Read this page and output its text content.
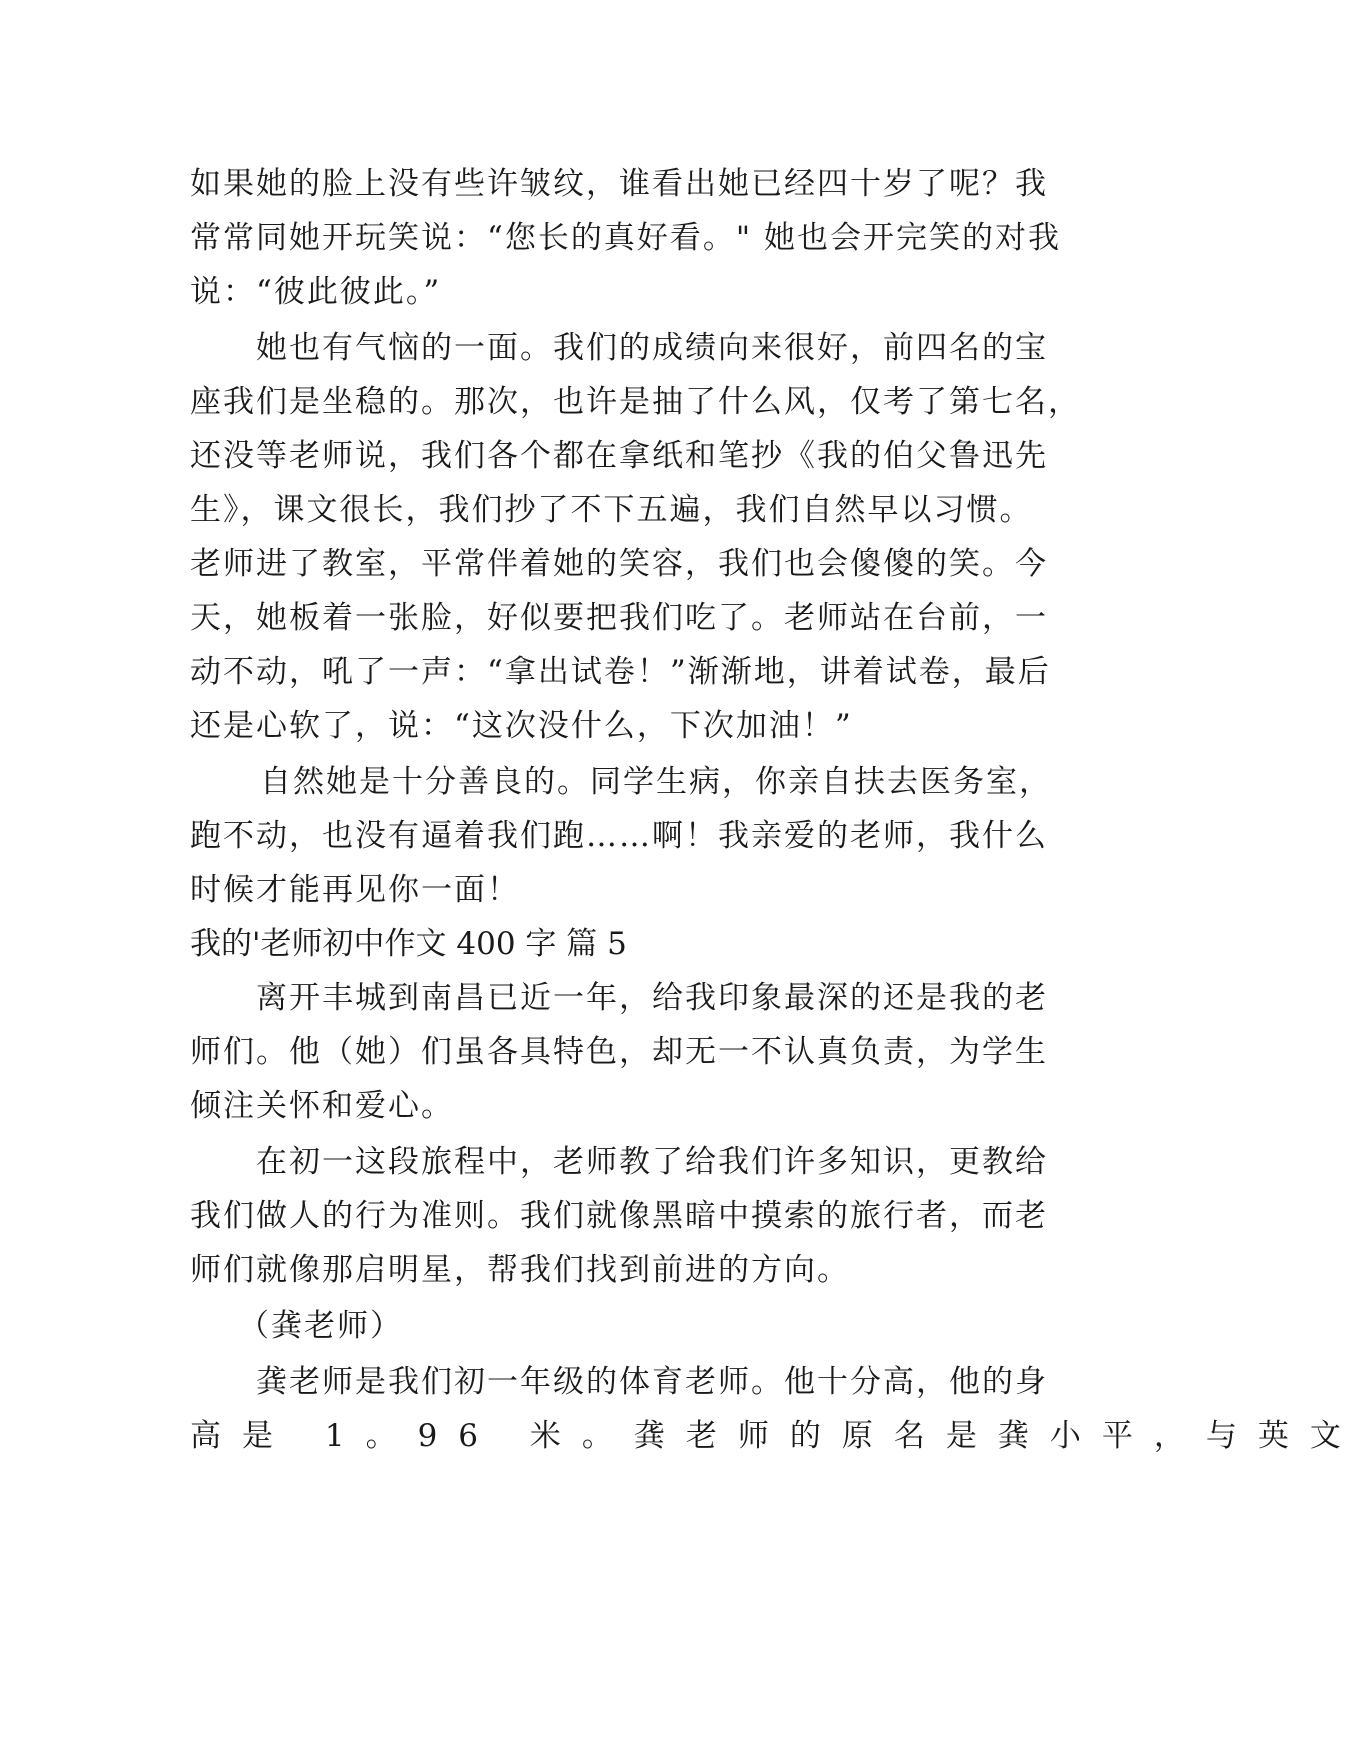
如果她的脸上没有些许皱纹，谁看出她已经四十岁了呢？我
常常同她开玩笑说：“您长的真好看。" 她也会开完笑的对我
说：“彼此彼此。”
她也有气恼的一面。我们的成绩向来很好，前四名的宝
座我们是坐稳的。那次，也许是抽了什么风，仅考了第七名，
还没等老师说，我们各个都在拿纸和笔抄《我的伯父鲁迅先
生》，课文很长，我们抄了不下五遍，我们自然早以习惯。
老师进了教室，平常伴着她的笑容，我们也会傻傻的笑。今
天，她板着一张脸，好似要把我们吃了。老师站在台前，一
动不动，吼了一声：“拿出试卷！”渐渐地，讲着试卷，最后
还是心软了，说：“这次没什么，下次加油！”
自然她是十分善良的。同学生病，你亲自扶去医务室，
跑不动，也没有逼着我们跑……啊！我亲爱的老师，我什么
时候才能再见你一面！
我的'老师初中作文 400 字 篇 5
离开丰城到南昌已近一年，给我印象最深的还是我的老
师们。他（她）们虽各具特色，却无一不认真负责，为学生
倾注关怀和爱心。
在初一这段旅程中，老师教了给我们许多知识，更教给
我们做人的行为准则。我们就像黑暗中摸索的旅行者，而老
师们就像那启明星，帮我们找到前进的方向。
（龚老师）
龚老师是我们初一年级的体育老师。他十分高，他的身
高是 1。96 米。龚老师的原名是龚小平，与英文
